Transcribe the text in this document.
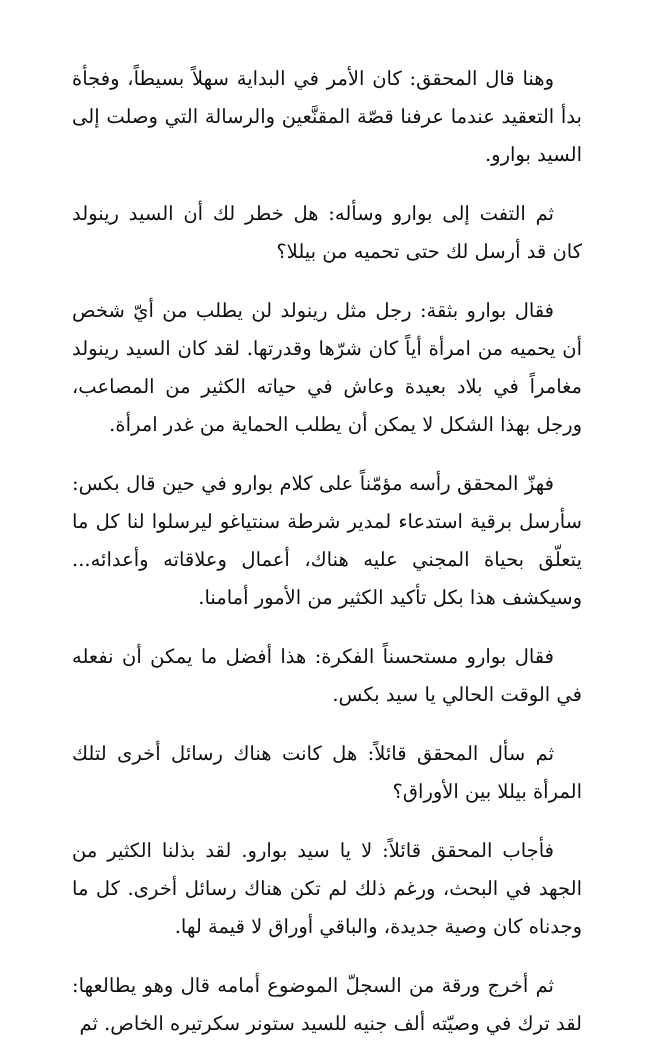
وهنا قال المحقق: كان الأمر في البداية سهلاً بسيطاً، وفجأة بدأ التعقيد عندما عرفنا قصّة المقنَّعين والرسالة التي وصلت إلى السيد بوارو.

ثم التفت إلى بوارو وسأله: هل خطر لك أن السيد رينولد كان قد أرسل لك حتى تحميه من بيللا؟

فقال بوارو بثقة: رجل مثل رينولد لن يطلب من أيّ شخص أن يحميه من امرأة أياً كان شرّها وقدرتها. لقد كان السيد رينولد مغامراً في بلاد بعيدة وعاش في حياته الكثير من المصاعب، ورجل بهذا الشكل لا يمكن أن يطلب الحماية من غدر امرأة.

فهزّ المحقق رأسه مؤمّناً على كلام بوارو في حين قال بكس: سأرسل برقية استدعاء لمدير شرطة سنتياغو ليرسلوا لنا كل ما يتعلّق بحياة المجني عليه هناك، أعمال وعلاقاته وأعدائه... وسيكشف هذا بكل تأكيد الكثير من الأمور أمامنا.

فقال بوارو مستحسناً الفكرة: هذا أفضل ما يمكن أن نفعله في الوقت الحالي يا سيد بكس.

ثم سأل المحقق قائلاً: هل كانت هناك رسائل أخرى لتلك المرأة بيللا بين الأوراق؟

فأجاب المحقق قائلاً: لا يا سيد بوارو. لقد بذلنا الكثير من الجهد في البحث، ورغم ذلك لم تكن هناك رسائل أخرى. كل ما وجدناه كان وصية جديدة، والباقي أوراق لا قيمة لها.

ثم أخرج ورقة من السجلّ الموضوع أمامه قال وهو يطالعها: لقد ترك في وصيّته ألف جنيه للسيد ستونر سكرتيره الخاص. ثم
